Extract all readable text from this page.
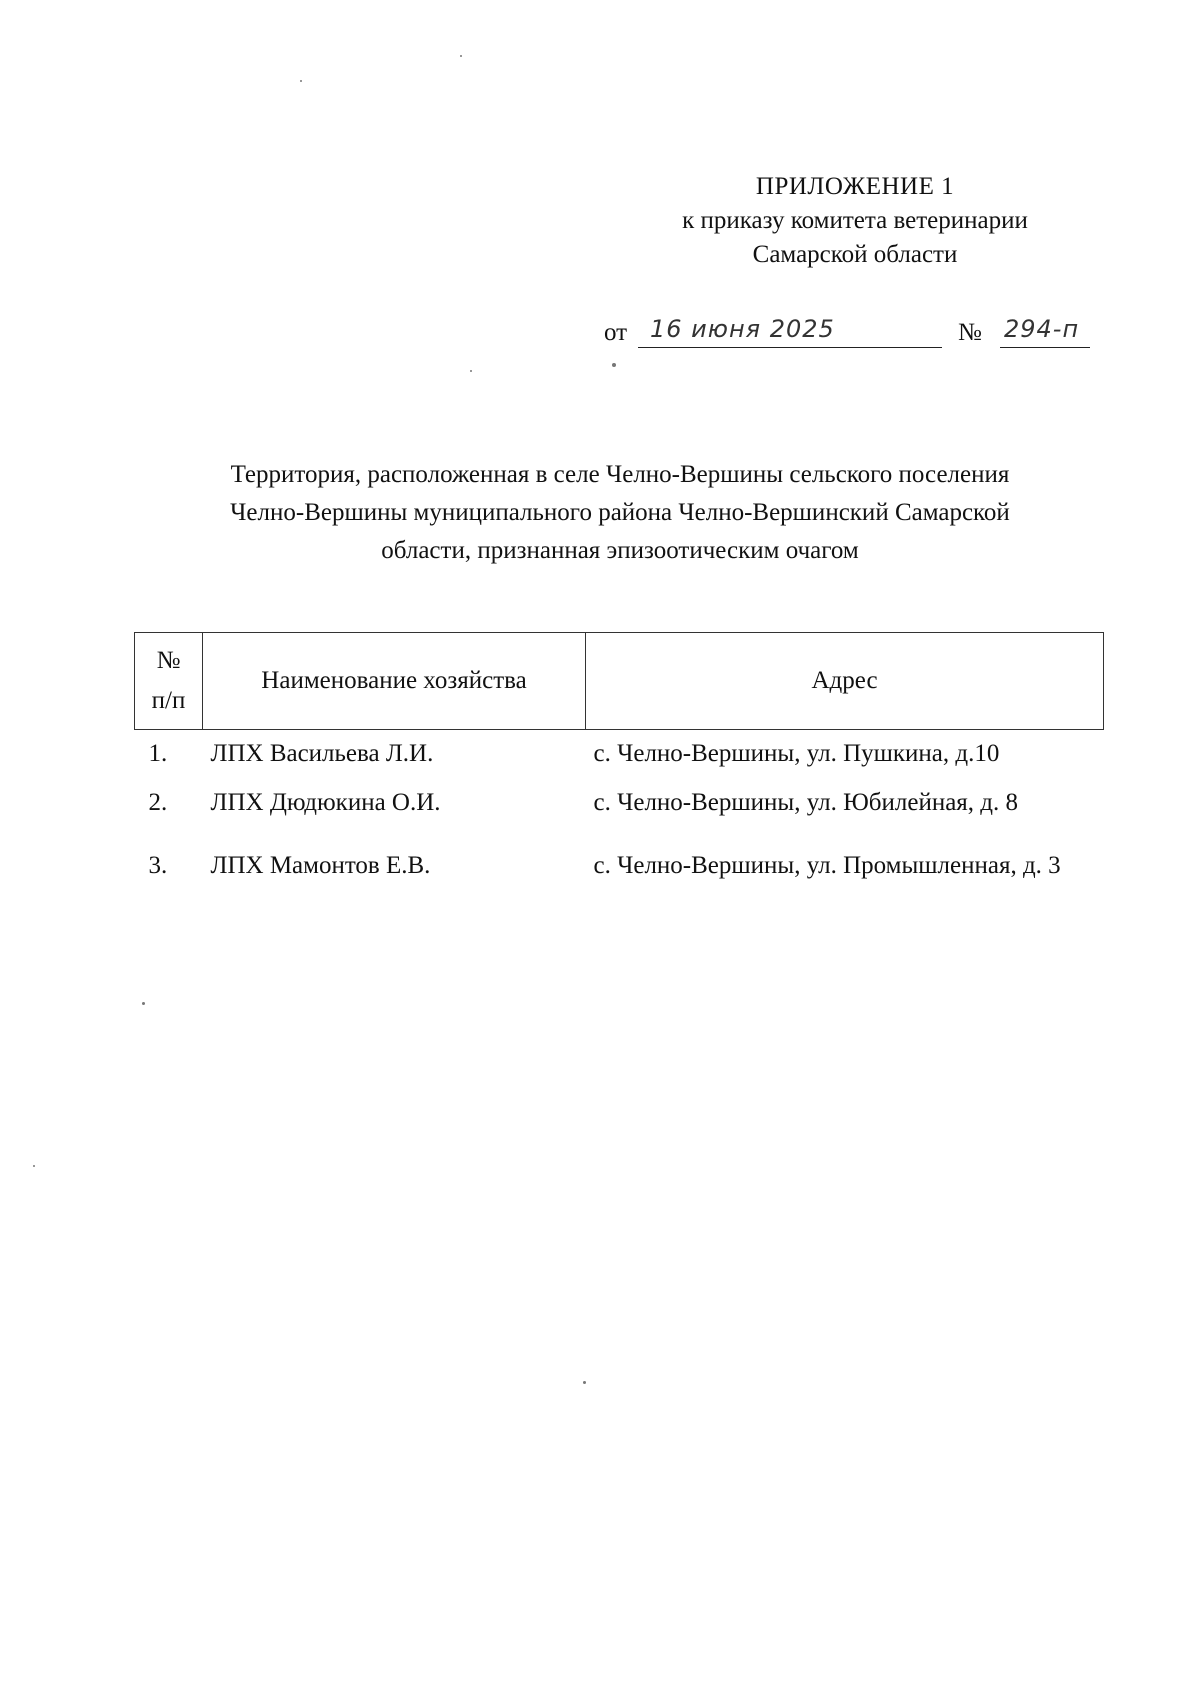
ПРИЛОЖЕНИЕ 1
к приказу комитета ветеринарии
Самарской области
от 16 июня 2025	№ 294-п
Территория, расположенная в селе Челно-Вершины сельского поселения
Челно-Вершины муниципального района Челно-Вершинский Самарской
области, признанная эпизоотическим очагом
№
п/п	Наименование хозяйства	Адрес
1.	ЛПХ Васильева Л.И.	с. Челно-Вершины, ул. Пушкина, д.10
2.	ЛПХ Дюдюкина О.И.	с. Челно-Вершины, ул. Юбилейная, д. 8
3.	ЛПХ Мамонтов Е.В.	с. Челно-Вершины, ул. Промышленная, д. 3
